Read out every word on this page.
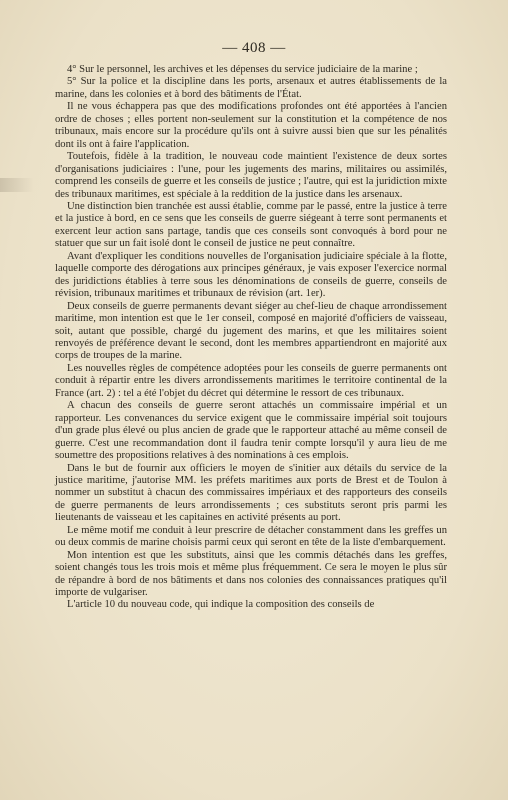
— 408 —

4° Sur le personnel, les archives et les dépenses du service judiciaire de la marine ;

5° Sur la police et la discipline dans les ports, arsenaux et autres établissements de la marine, dans les colonies et à bord des bâtiments de l'État.

Il ne vous échappera pas que des modifications profondes ont été apportées à l'ancien ordre de choses ; elles portent non-seulement sur la constitution et la compétence de nos tribunaux, mais encore sur la procédure qu'ils ont à suivre aussi bien que sur les pénalités dont ils ont à faire l'application.

Toutefois, fidèle à la tradition, le nouveau code maintient l'existence de deux sortes d'organisations judiciaires : l'une, pour les jugements des marins, militaires ou assimilés, comprend les conseils de guerre et les conseils de justice ; l'autre, qui est la juridiction mixte des tribunaux maritimes, est spéciale à la reddition de la justice dans les arsenaux.

Une distinction bien tranchée est aussi établie, comme par le passé, entre la justice à terre et la justice à bord, en ce sens que les conseils de guerre siégeant à terre sont permanents et exercent leur action sans partage, tandis que ces conseils sont convoqués à bord pour ne statuer que sur un fait isolé dont le conseil de justice ne peut connaître.

Avant d'expliquer les conditions nouvelles de l'organisation judiciaire spéciale à la flotte, laquelle comporte des dérogations aux principes généraux, je vais exposer l'exercice normal des juridictions établies à terre sous les dénominations de conseils de guerre, conseils de révision, tribunaux maritimes et tribunaux de révision (art. 1er).

Deux conseils de guerre permanents devant siéger au chef-lieu de chaque arrondissement maritime, mon intention est que le 1er conseil, composé en majorité d'officiers de vaisseau, soit, autant que possible, chargé du jugement des marins, et que les militaires soient renvoyés de préférence devant le second, dont les membres appartiendront en majorité aux corps de troupes de la marine.

Les nouvelles règles de compétence adoptées pour les conseils de guerre permanents ont conduit à répartir entre les divers arrondissements maritimes le territoire continental de la France (art. 2) : tel a été l'objet du décret qui détermine le ressort de ces tribunaux.

A chacun des conseils de guerre seront attachés un commissaire impérial et un rapporteur. Les convenances du service exigent que le commissaire impérial soit toujours d'un grade plus élevé ou plus ancien de grade que le rapporteur attaché au même conseil de guerre. C'est une recommandation dont il faudra tenir compte lorsqu'il y aura lieu de me soumettre des propositions relatives à des nominations à ces emplois.

Dans le but de fournir aux officiers le moyen de s'initier aux détails du service de la justice maritime, j'autorise MM. les préfets maritimes aux ports de Brest et de Toulon à nommer un substitut à chacun des commissaires impériaux et des rapporteurs des conseils de guerre permanents de leurs arrondissements ; ces substituts seront pris parmi les lieutenants de vaisseau et les capitaines en activité présents au port.

Le même motif me conduit à leur prescrire de détacher constamment dans les greffes un ou deux commis de marine choisis parmi ceux qui seront en tête de la liste d'embarquement.

Mon intention est que les substituts, ainsi que les commis détachés dans les greffes, soient changés tous les trois mois et même plus fréquemment. Ce sera le moyen le plus sûr de répandre à bord de nos bâtiments et dans nos colonies des connaissances pratiques qu'il importe de vulgariser.

L'article 10 du nouveau code, qui indique la composition des conseils de
